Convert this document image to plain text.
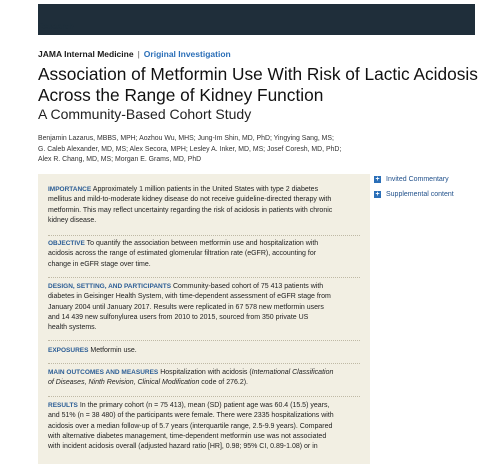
Research
JAMA Internal Medicine | Original Investigation
Association of Metformin Use With Risk of Lactic Acidosis
Across the Range of Kidney Function
A Community-Based Cohort Study
Benjamin Lazarus, MBBS, MPH; Aozhou Wu, MHS; Jung-Im Shin, MD, PhD; Yingying Sang, MS;
G. Caleb Alexander, MD, MS; Alex Secora, MPH; Lesley A. Inker, MD, MS; Josef Coresh, MD, PhD;
Alex R. Chang, MD, MS; Morgan E. Grams, MD, PhD
+ Invited Commentary
+ Supplemental content
IMPORTANCE Approximately 1 million patients in the United States with type 2 diabetes
mellitus and mild-to-moderate kidney disease do not receive guideline-directed therapy with
metformin. This may reflect uncertainty regarding the risk of acidosis in patients with chronic
kidney disease.
OBJECTIVE To quantify the association between metformin use and hospitalization with
acidosis across the range of estimated glomerular filtration rate (eGFR), accounting for
change in eGFR stage over time.
DESIGN, SETTING, AND PARTICIPANTS Community-based cohort of 75 413 patients with
diabetes in Geisinger Health System, with time-dependent assessment of eGFR stage from
January 2004 until January 2017. Results were replicated in 67 578 new metformin users
and 14 439 new sulfonylurea users from 2010 to 2015, sourced from 350 private US
health systems.
EXPOSURES Metformin use.
MAIN OUTCOMES AND MEASURES Hospitalization with acidosis (International Classification
of Diseases, Ninth Revision, Clinical Modification code of 276.2).
RESULTS In the primary cohort (n = 75 413), mean (SD) patient age was 60.4 (15.5) years,
and 51% (n = 38 480) of the participants were female. There were 2335 hospitalizations with
acidosis over a median follow-up of 5.7 years (interquartile range, 2.5-9.9 years). Compared
with alternative diabetes management, time-dependent metformin use was not associated
with incident acidosis overall (adjusted hazard ratio [HR], 0.98; 95% CI, 0.89-1.08) or in
